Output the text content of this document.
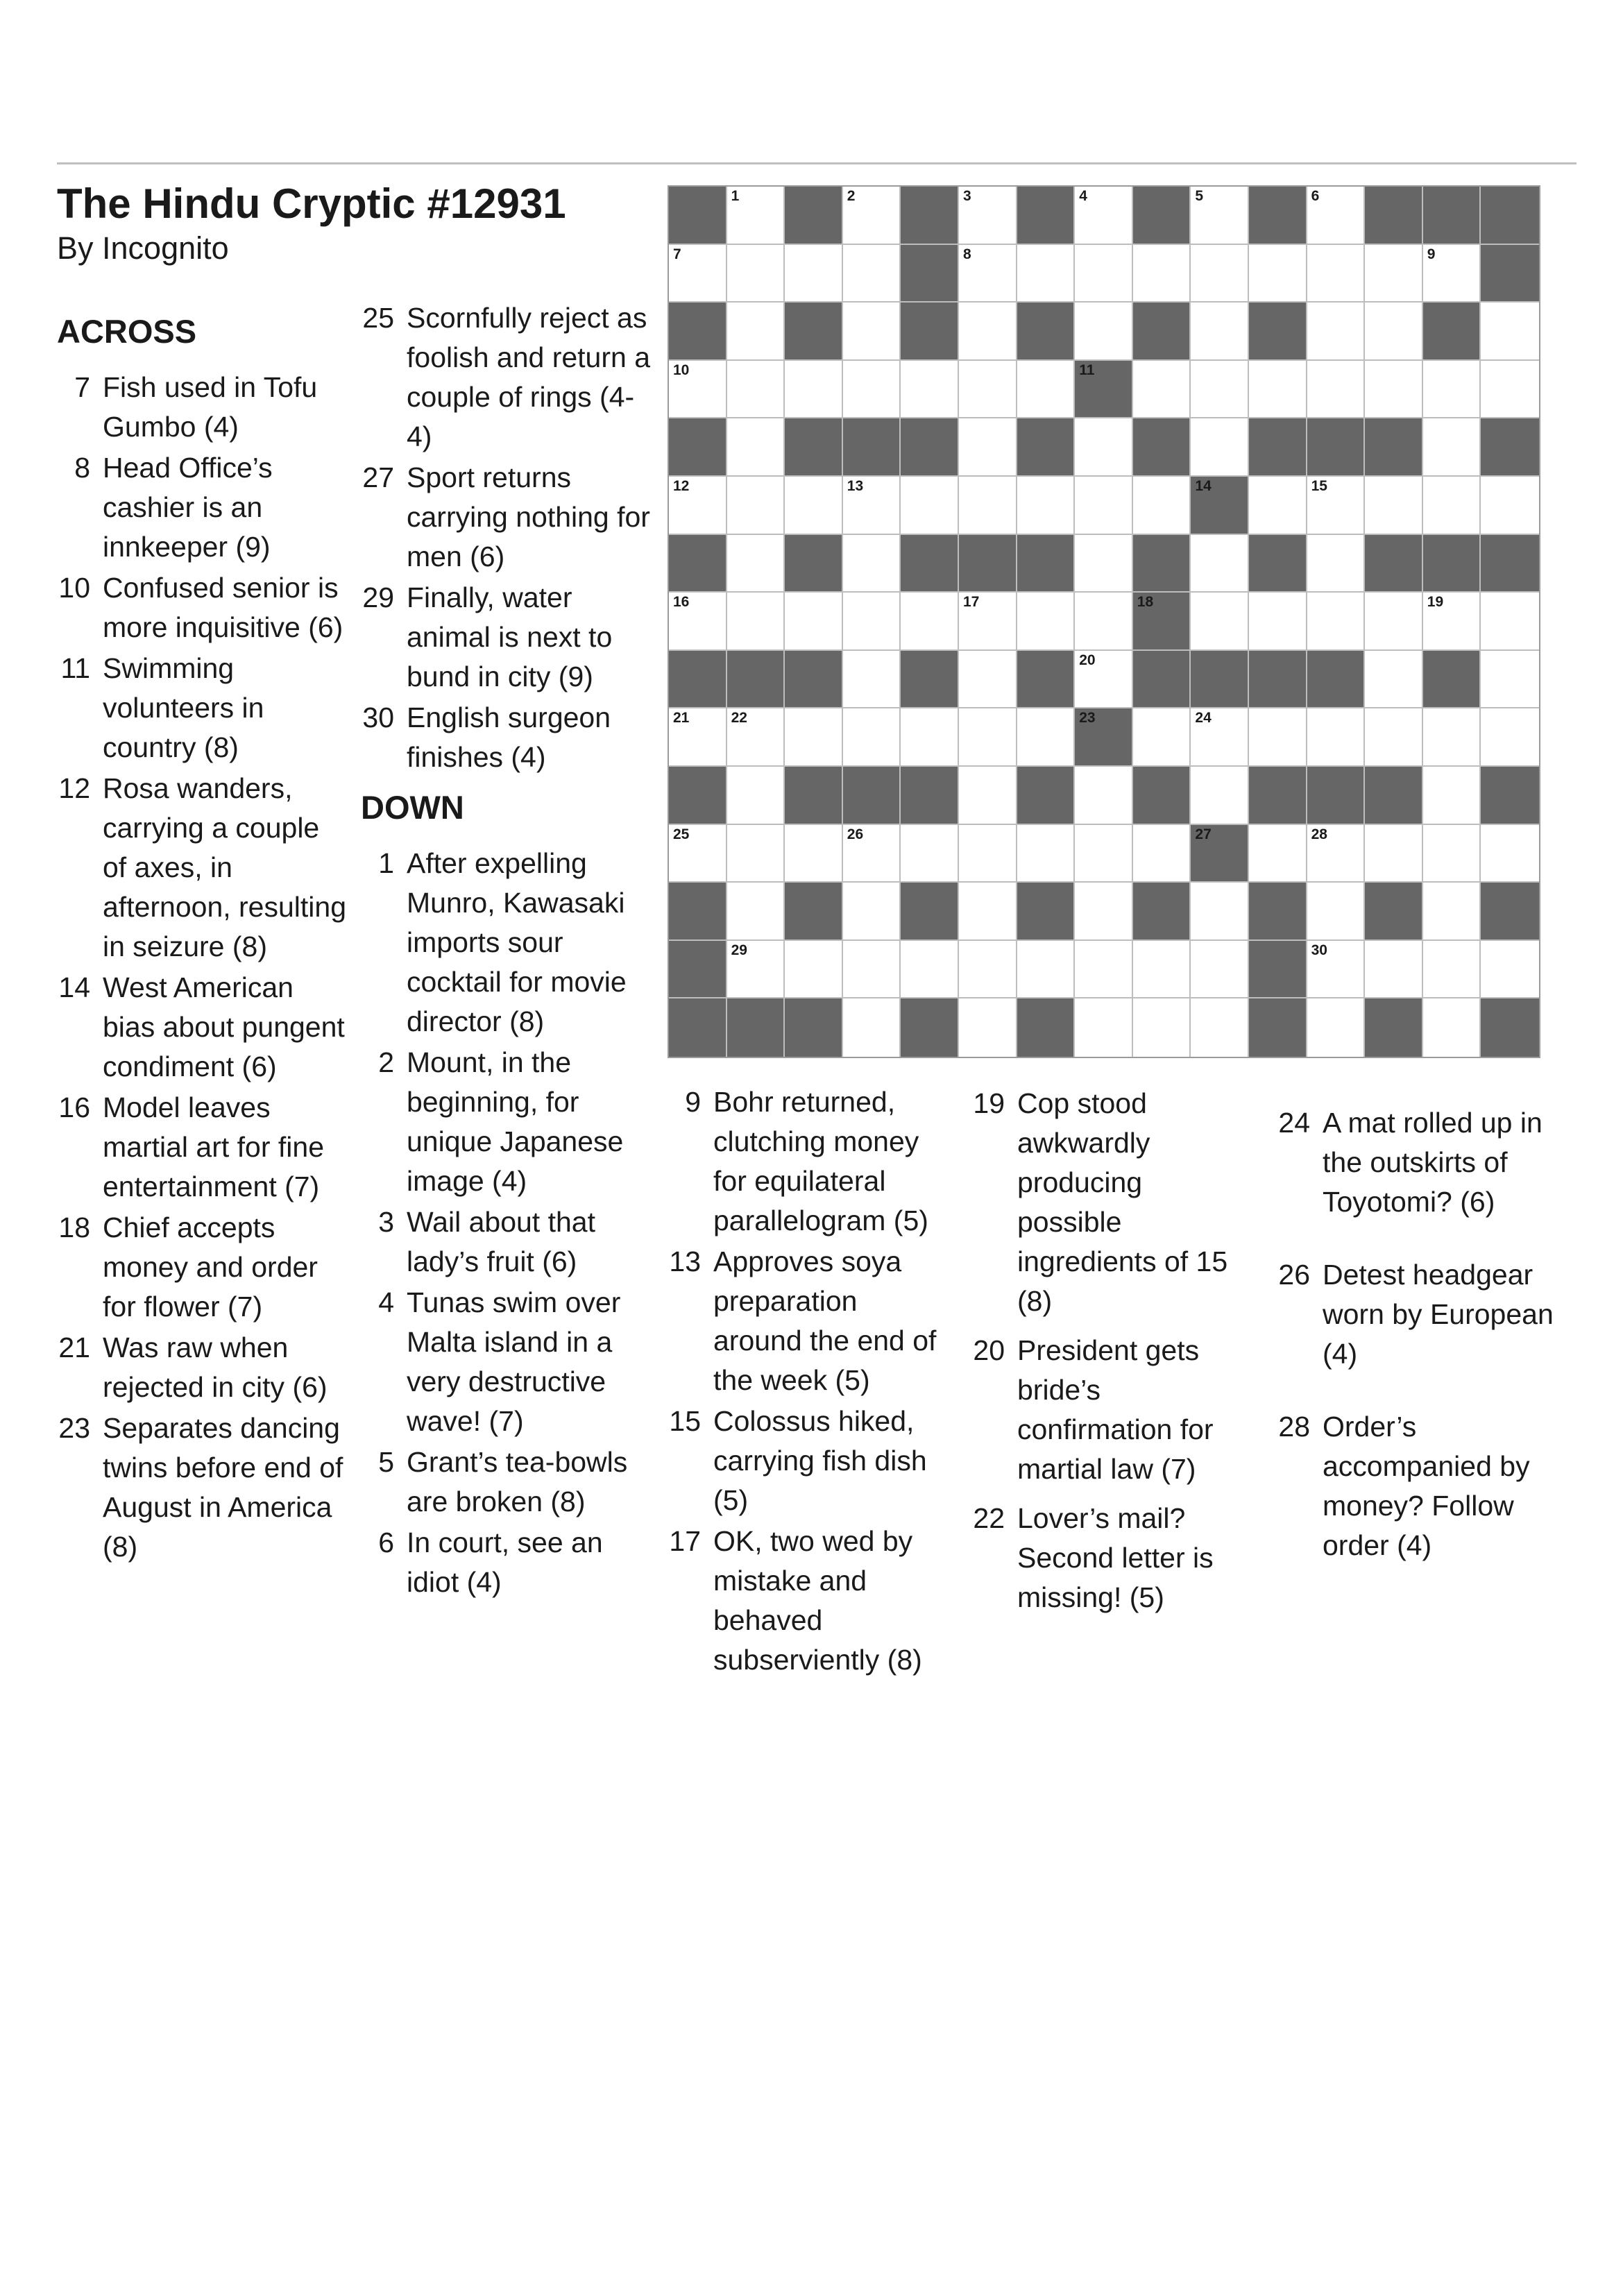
The Hindu Cryptic #12931
By Incognito
ACROSS
7 Fish used in Tofu Gumbo (4)
8 Head Office’s cashier is an innkeeper (9)
10 Confused senior is more inquisitive (6)
11 Swimming volunteers in country (8)
12 Rosa wanders, carrying a couple of axes, in afternoon, resulting in seizure (8)
14 West American bias about pungent condiment (6)
16 Model leaves martial art for fine entertainment (7)
18 Chief accepts money and order for flower (7)
21 Was raw when rejected in city (6)
23 Separates dancing twins before end of August in America (8)
25 Scornfully reject as foolish and return a couple of rings (4-4)
27 Sport returns carrying nothing for men (6)
29 Finally, water animal is next to bund in city (9)
30 English surgeon finishes (4)
DOWN
1 After expelling Munro, Kawasaki imports sour cocktail for movie director (8)
2 Mount, in the beginning, for unique Japanese image (4)
3 Wail about that lady’s fruit (6)
4 Tunas swim over Malta island in a very destructive wave! (7)
5 Grant’s tea-bowls are broken (8)
6 In court, see an idiot (4)
1	2	3	4	5	6
7	8	9
10	11
12	13	14	15
16	17	18	19
20
21	22	23	24
25	26	27	28
29	30
9 Bohr returned, clutching money for equilateral parallelogram (5)
13 Approves soya preparation around the end of the week (5)
15 Colossus hiked, carrying fish dish (5)
17 OK, two wed by mistake and behaved subserviently (8)
19 Cop stood awkwardly producing possible ingredients of 15 (8)
20 President gets bride’s confirmation for martial law (7)
22 Lover’s mail? Second letter is missing! (5)
24 A mat rolled up in the outskirts of Toyotomi? (6)
26 Detest headgear worn by European (4)
28 Order’s accompanied by money? Follow order (4)
